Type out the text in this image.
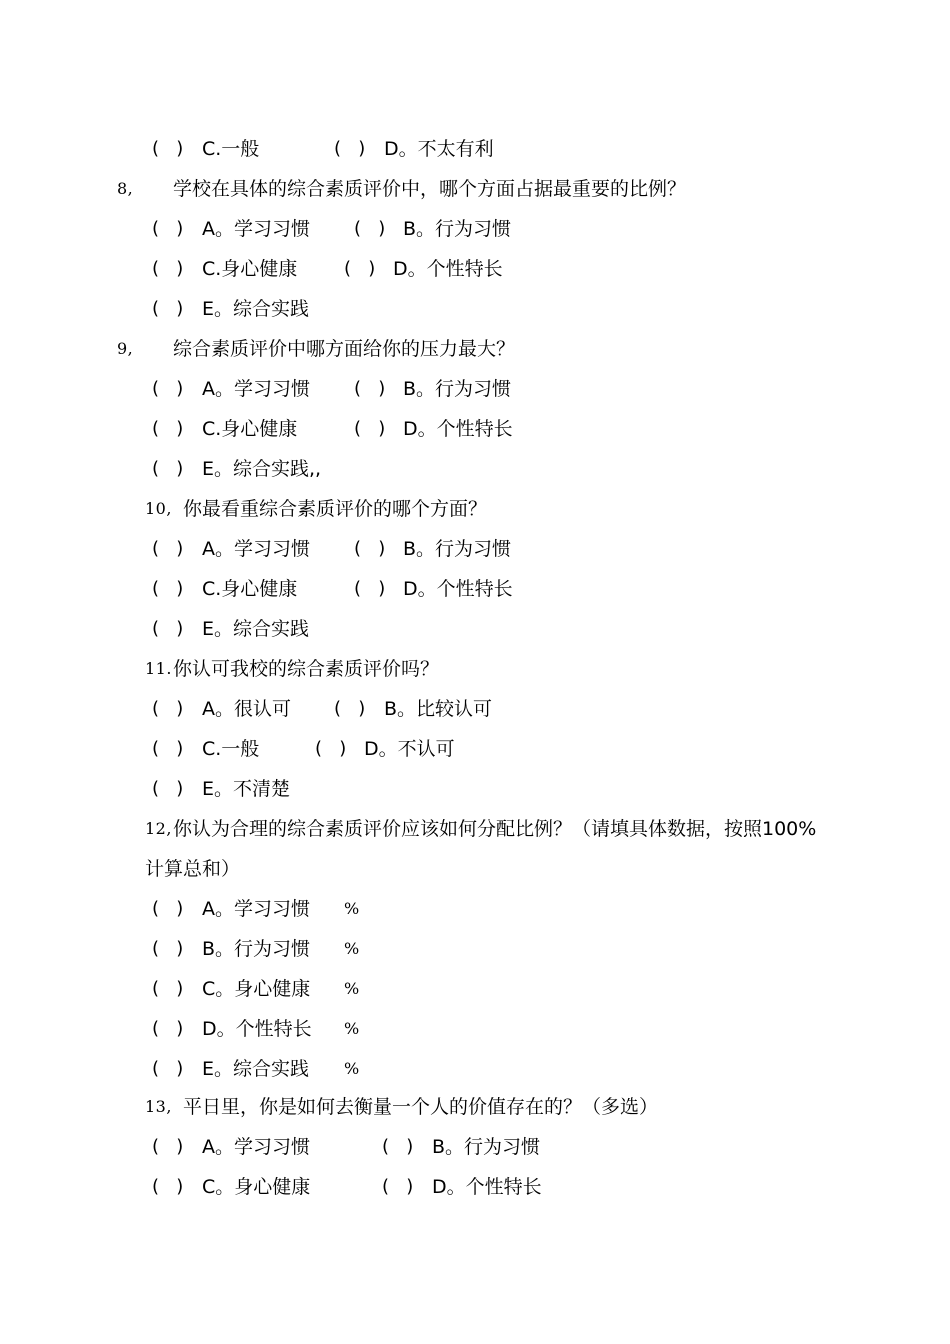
(   ) C.一般	(   ) D。不太有利
8, 学校在具体的综合素质评价中，哪个方面占据最重要的比例？
(   ) A。学习习惯 (   ) B。行为习惯
(   ) C.身心健康	(   ) D。个性特长
(   ) E。综合实践
9, 综合素质评价中哪方面给你的压力最大？
(   ) A。学习习惯 (   ) B。行为习惯
(   ) C.身心健康	(   ) D。个性特长
(   ) E。综合实践,,
10, 你最看重综合素质评价的哪个方面？
(   ) A。学习习惯 (   ) B。行为习惯
(   ) C.身心健康	(   ) D。个性特长
(   ) E。综合实践
11. 你认可我校的综合素质评价吗？
(   ) A。很认可 (   ) B。比较认可
(   ) C.一般	(   ) D。不认可
(   ) E。不清楚
12, 你认为合理的综合素质评价应该如何分配比例？（请填具体数据，按照100%
计算总和）
(   ) A。学习习惯 %
(   ) B。行为习惯 %
(   ) C。身心健康 %
(   ) D。个性特长 %
(   ) E。综合实践 %
13, 平日里，你是如何去衡量一个人的价值存在的？（多选）
(   ) A。学习习惯	(   ) B。行为习惯
(   ) C。身心健康	(   ) D。个性特长
